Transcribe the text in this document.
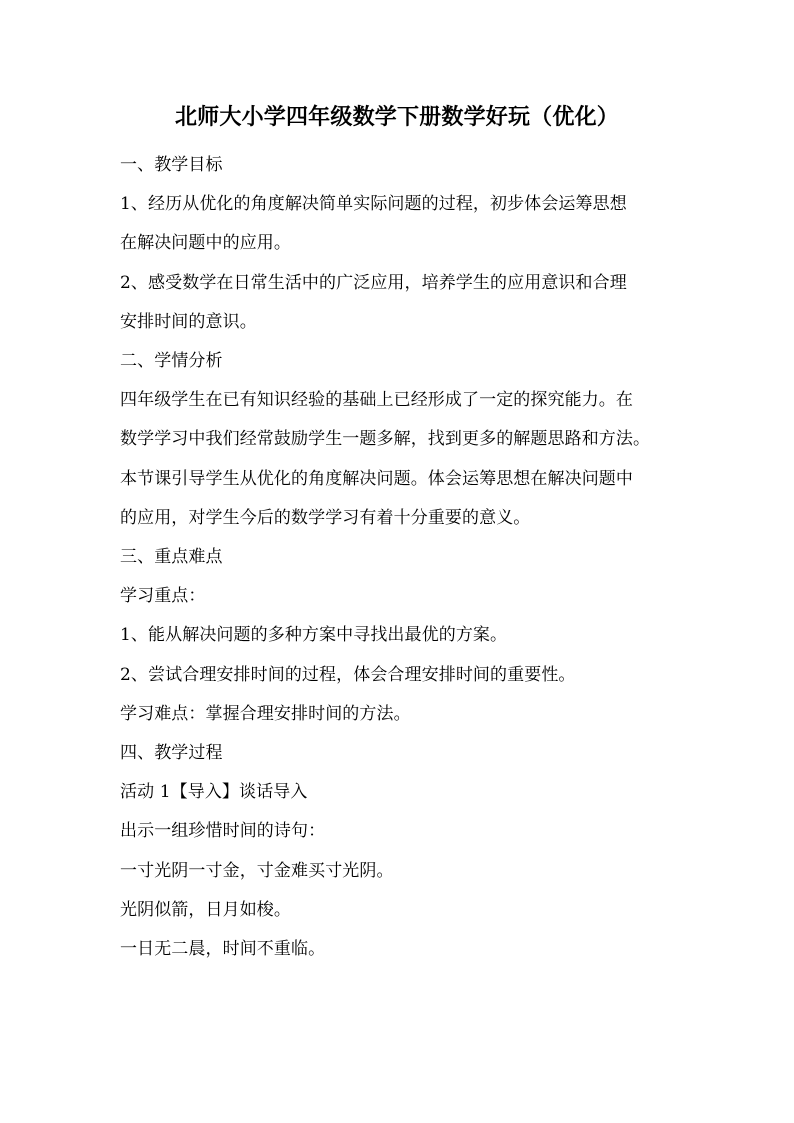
北师大小学四年级数学下册数学好玩（优化）
一、教学目标
1、经历从优化的角度解决简单实际问题的过程，初步体会运筹思想
在解决问题中的应用。
2、感受数学在日常生活中的广泛应用，培养学生的应用意识和合理
安排时间的意识。
二、学情分析
四年级学生在已有知识经验的基础上已经形成了一定的探究能力。在
数学学习中我们经常鼓励学生一题多解，找到更多的解题思路和方法。
本节课引导学生从优化的角度解决问题。体会运筹思想在解决问题中
的应用，对学生今后的数学学习有着十分重要的意义。
三、重点难点
学习重点：
1、能从解决问题的多种方案中寻找出最优的方案。
2、尝试合理安排时间的过程，体会合理安排时间的重要性。
学习难点：掌握合理安排时间的方法。
四、教学过程
活动 1【导入】谈话导入
出示一组珍惜时间的诗句：
一寸光阴一寸金，寸金难买寸光阴。
光阴似箭，日月如梭。
一日无二晨，时间不重临。
